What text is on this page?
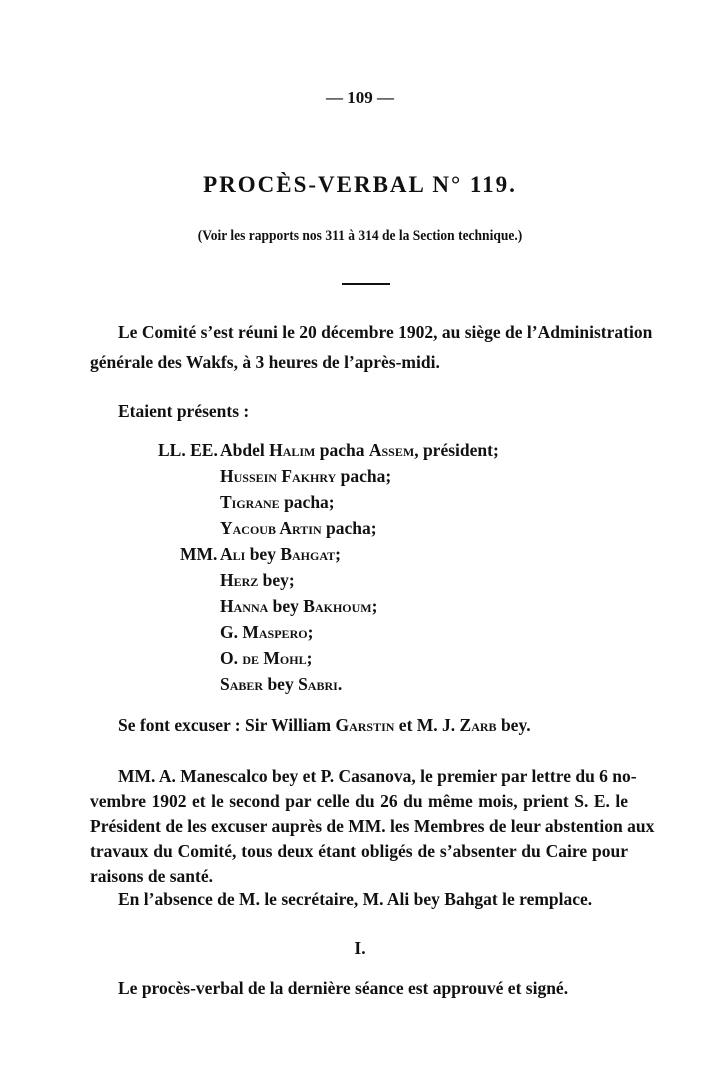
— 109 —
PROCÈS-VERBAL N° 119.
(Voir les rapports nos 311 à 314 de la Section technique.)
Le Comité s’est réuni le 20 décembre 1902, au siège de l’Administration
générale des Wakfs, à 3 heures de l’après-midi.
Etaient présents :
LL. EE. Abdel Halim pacha Assem, président;
Hussein Fakhry pacha;
Tigrane pacha;
Yacoub Artin pacha;
MM. Ali bey Bahgat;
Herz bey;
Hanna bey Bakhoum;
G. Maspero;
O. de Mohl;
Saber bey Sabri.
Se font excuser : Sir William Garstin et M. J. Zarb bey.
MM. A. Manescalco bey et P. Casanova, le premier par lettre du 6 no-
vembre 1902 et le second par celle du 26 du même mois, prient S. E. le
Président de les excuser auprès de MM. les Membres de leur abstention aux
travaux du Comité, tous deux étant obligés de s’absenter du Caire pour
raisons de santé.
En l’absence de M. le secrétaire, M. Ali bey Bahgat le remplace.
I.
Le procès-verbal de la dernière séance est approuvé et signé.
